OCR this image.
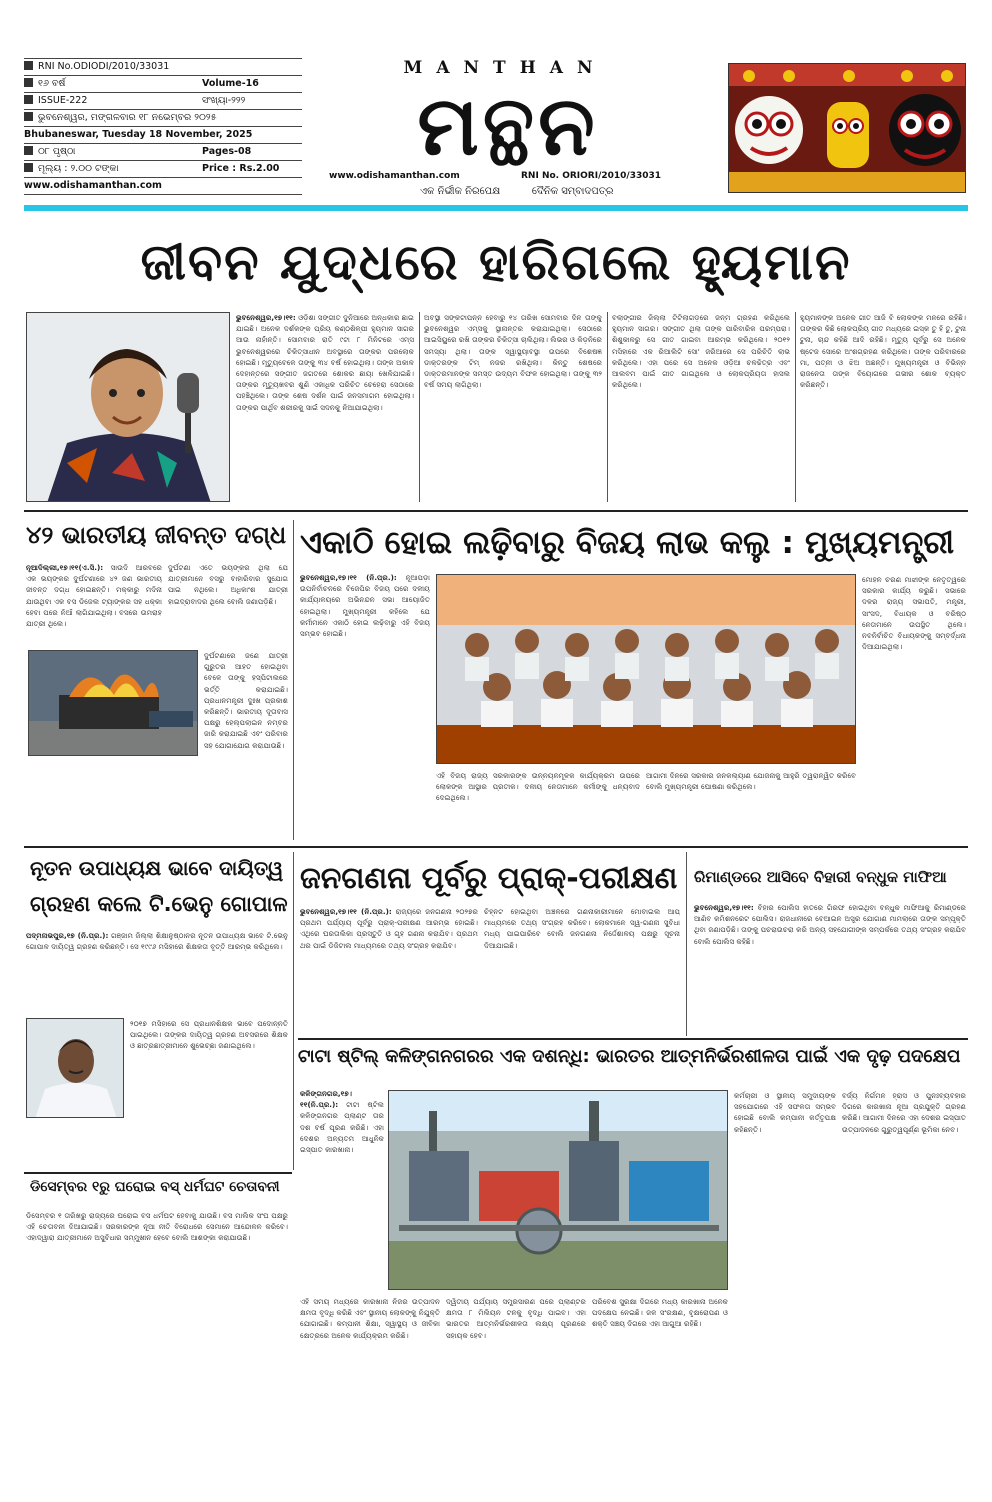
RNI No.ODIODI/2010/33031
୧୬ ବର୍ଷ	Volume-16
ISSUE-222	ସଂଖ୍ୟା-୨୨୨
ଭୁବନେଶ୍ୱର, ମଙ୍ଗଳବାର ୧୮ ନଭେମ୍ବର ୨୦୨୫
Bhubaneswar, Tuesday 18 November, 2025
୦୮ ପୃଷ୍ଠା	Pages-08
ମୂଲ୍ୟ : ୨.୦୦ ଟଙ୍କା	Price : Rs.2.00
www.odishamanthan.com
MANTHAN
ମନ୍ଥନ
www.odishamanthan.com	RNI No. ORIORI/2010/33031
ଏକ ନିର୍ଭୀକ ନିରପେକ୍ଷ          ଦୈନିକ ସମ୍ବାଦପତ୍ର
ଜୀବନ ଯୁଦ୍ଧରେ ହାରିଗଲେ ହ୍ୟୁମାନ
ଭୁବନେଶ୍ୱର,୧୭।୧୧: ଓଡ଼ିଶା ସଙ୍ଗୀତ ଦୁନିଆରେ ଅନ୍ଧକାର ଛାଇ ଯାଇଛି। ଅନେକ ଦର୍ଶକଙ୍କ ପ୍ରିୟ କଣ୍ଠଶିଳ୍ପୀ ହ୍ୟୁମାନ ସାଗର ଆଉ ନାହାଁନ୍ତି। ସୋମବାର ରାତି ୯ଟା ୮ ମିନିଟରେ ଏମ୍ସ ଭୁବନେଶ୍ୱରରେ ଚିକିତ୍ସାଧୀନ ଅବସ୍ଥାରେ ତାଙ୍କର ପରଲୋକ ହୋଇଛି। ମୃତ୍ୟୁବେଳେ ତାଙ୍କୁ ୩୪ ବର୍ଷ ହୋଇଥିଲା। ତାଙ୍କ ଅକାଳ ଦେହାନ୍ତରେ ସଙ୍ଗୀତ ଜଗତରେ ଶୋକର ଛାୟା ଖେଳିଯାଇଛି। ତାଙ୍କର ମୃତ୍ୟୁଖବର ଶୁଣି ଏକାଧିକ ପରିଚିତ ଚେହେରା ସେଠାରେ ପହଞ୍ଚିଥିଲେ। ତାଙ୍କ ଶେଷ ଦର୍ଶନ ପାଇଁ ଜନସମାଗମ ହୋଇଥିଲା। ତାଙ୍କର ପାର୍ଥିବ ଶରୀରକୁ ସାଇଁ ସଦନକୁ ନିଆଯାଇଥିଲା।
ଅବସ୍ଥା ସଙ୍କଟାପନ୍ନ ହେବାରୁ ୧୪ ତାରିଖ ସୋମବାର ଦିନ ତାଙ୍କୁ ଭୁବନେଶ୍ୱର ଏମ୍ସକୁ ସ୍ଥାନାନ୍ତର କରାଯାଇଥିଲା। ସେଠାରେ ଆଇସିୟୁରେ ରଖି ତାଙ୍କର ଚିକିତ୍ସା ଚାଲିଥିଲା। ଲିଭର ଓ କିଡ଼ନିରେ ସମସ୍ୟା ଥିଲା। ତାଙ୍କ ସ୍ୱାସ୍ଥ୍ୟାବସ୍ଥା ଉପରେ ବିଶେଷଜ୍ଞ ଡାକ୍ତରଙ୍କ ଟିମ୍ ନଜର ରଖିଥିଲା। କିନ୍ତୁ ଶେଷରେ ଡାକ୍ତରମାନଙ୍କ ସମସ୍ତ ଉଦ୍ୟମ ବିଫଳ ହୋଇଥିଲା। ତାଙ୍କୁ ୩୨ ବର୍ଷ ସମୟ ଲାଗିଥିଲା।
ବଲାଙ୍ଗୀର ଜିଲ୍ଲା ଟିଟିଲାଗଡ଼ରେ ଜନ୍ମ ଗ୍ରହଣ କରିଥିଲେ ହ୍ୟୁମାନ ସାଗର। ସଙ୍ଗୀତ ଥିଲା ତାଙ୍କ ପାରିବାରିକ ପରମ୍ପରା। ଶିଶୁକାଳରୁ ସେ ଗୀତ ଗାଇବା ଆରମ୍ଭ କରିଥିଲେ। ୨୦୧୨ ମସିହାରେ ଏକ ରିଆଲିଟି ସୋ' ଜରିଆରେ ସେ ପରିଚିତି ଲାଭ କରିଥିଲେ। ଏହା ପରେ ସେ ଅନେକ ଓଡ଼ିଆ ଚଳଚ୍ଚିତ୍ର ଏବଂ ଆଲବମ ପାଇଁ ଗୀତ ଗାଇଥିଲେ ଓ ଲୋକପ୍ରିୟତା ହାସଲ କରିଥିଲେ।
ହ୍ୟୁମାନଙ୍କ ଅନେକ ଗୀତ ଆଜି ବି ଲୋକଙ୍କ ମନରେ ରହିଛି। ତାଙ୍କର କିଛି ଲୋକପ୍ରିୟ ଗୀତ ମଧ୍ୟରେ ଇସ୍କ ତୁ ହି ତୁ, ଟୁନା ଟୁନା, ଚାନ୍ଦ କହିଛି ଆଦି ରହିଛି। ମୃତ୍ୟୁ ପୂର୍ବରୁ ସେ ଅନେକ ଷ୍ଟେଜ ସୋରେ ଅଂଶଗ୍ରହଣ କରିଥିଲେ। ତାଙ୍କ ପରିବାରରେ ମା, ପତ୍ନୀ ଓ ଝିଅ ଅଛନ୍ତି। ମୁଖ୍ୟମନ୍ତ୍ରୀ ଓ ବିଭିନ୍ନ ରାଜନେତା ତାଙ୍କ ବିୟୋଗରେ ଗଭୀର ଶୋକ ବ୍ୟକ୍ତ କରିଛନ୍ତି।
୪୨ ଭାରତୀୟ ଜୀବନ୍ତ ଦଗ୍ଧ
ନୂଆଦିଲ୍ଲୀ,୧୭।୧୧(ଏ.ସି.): ସାଉଦି ଆରବରେ ଏକ ଭୟଙ୍କର ଦୁର୍ଘଟଣାରେ ୪୨ ଜଣ ଭାରତୀୟ ଜୀବନ୍ତ ଦଗ୍ଧ ହୋଇଛନ୍ତି। ମକ୍କାରୁ ମଦିନା ଯାଉଥିବା ଏକ ବସ ଡିଜେଲ ଟ୍ୟାଙ୍କର ସହ ଧକ୍କା ହେବା ପରେ ନିଆଁ ଲାଗିଯାଇଥିଲା। ବସରେ ଉମରାହ ଯାତ୍ରୀ ଥିଲେ।
ଦୁର୍ଘଟଣା ଏତେ ଭୟଙ୍କର ଥିଲା ଯେ ଯାତ୍ରୀମାନେ ବସରୁ ବାହାରିବାର ସୁଯୋଗ ପାଇ ନଥିଲେ। ଅଧିକାଂଶ ଯାତ୍ରୀ ହାଇଦ୍ରାବାଦର ଥିଲେ ବୋଲି ଜଣାପଡ଼ିଛି।
ଦୁର୍ଘଟଣାରେ ଜଣେ ଯାତ୍ରୀ ଗୁରୁତର ଆହତ ହୋଇଥିବା ବେଳେ ତାଙ୍କୁ ହସ୍ପିଟାଲରେ ଭର୍ତ୍ତି କରାଯାଇଛି। ପ୍ରଧାନମନ୍ତ୍ରୀ ଦୁଃଖ ପ୍ରକାଶ କରିଛନ୍ତି। ଭାରତୀୟ ଦୂତାବାସ ପକ୍ଷରୁ ହେଲ୍ପଲାଇନ ନମ୍ବର ଜାରି କରାଯାଇଛି ଏବଂ ପରିବାର ସହ ଯୋଗାଯୋଗ କରାଯାଉଛି।
ଏକାଠି ହୋଇ ଲଢ଼ିବାରୁ ବିଜୟ ଲାଭ କଲୁ : ମୁଖ୍ୟମନ୍ତ୍ରୀ
ଭୁବନେଶ୍ୱର,୧୭।୧୧ (ନି.ପ୍ର.): ନୂଆପଡ଼ା ଉପନିର୍ବାଚନରେ ବିଜେପିର ବିଜୟ ପରେ ଦଳୀୟ କାର୍ଯ୍ୟାଳୟରେ ଅଭିନନ୍ଦନ ସଭା ଆୟୋଜିତ ହୋଇଥିଲା। ମୁଖ୍ୟମନ୍ତ୍ରୀ କହିଲେ ଯେ କର୍ମୀମାନେ ଏକାଠି ହୋଇ ଲଢ଼ିବାରୁ ଏହି ବିଜୟ ସମ୍ଭବ ହୋଇଛି।
ଏହି ବିଜୟ ରାଜ୍ୟ ସରକାରଙ୍କ ଉନ୍ନୟନମୂଳକ କାର୍ଯ୍ୟକ୍ରମ ଉପରେ ଲୋକଙ୍କ ଆସ୍ଥାର ପ୍ରତୀକ। ଦଳୀୟ ନେତାମାନେ କର୍ମୀଙ୍କୁ ଧନ୍ୟବାଦ ଦେଇଥିଲେ।
ଆଗାମୀ ଦିନରେ ସରକାର ଜନକଲ୍ୟାଣ ଯୋଜନାକୁ ଆହୁରି ତ୍ୱରାନ୍ୱିତ କରିବେ ବୋଲି ମୁଖ୍ୟମନ୍ତ୍ରୀ ଘୋଷଣା କରିଥିଲେ।
ମୋହନ ଚରଣ ମାଝୀଙ୍କ ନେତୃତ୍ୱରେ ସରକାର କାର୍ଯ୍ୟ କରୁଛି। ସଭାରେ ଦଳର ରାଜ୍ୟ ସଭାପତି, ମନ୍ତ୍ରୀ, ସାଂସଦ, ବିଧାୟକ ଓ ବରିଷ୍ଠ ନେତାମାନେ ଉପସ୍ଥିତ ଥିଲେ। ନବନିର୍ବାଚିତ ବିଧାୟକଙ୍କୁ ସମ୍ବର୍ଦ୍ଧନା ଦିଆଯାଇଥିଲା।
ନୂତନ ଉପାଧ୍ୟକ୍ଷ ଭାବେ ଦାୟିତ୍ୱ
ଗ୍ରହଣ କଲେ ଟି.ଭେନୁ ଗୋପାଳ
ପଦ୍ମନାଭପୁର,୧୭ (ନି.ପ୍ର.): ଗଞ୍ଜାମ ଜିଲ୍ଲା ଶିକ୍ଷାନୁଷ୍ଠାନର ନୂତନ ଉପାଧ୍ୟକ୍ଷ ଭାବେ ଟି.ଭେନୁ ଗୋପାଳ ଦାୟିତ୍ୱ ଗ୍ରହଣ କରିଛନ୍ତି। ସେ ୧୯୯୬ ମସିହାରେ ଶିକ୍ଷକତା ବୃତ୍ତି ଆରମ୍ଭ କରିଥିଲେ।
୨୦୧୭ ମସିହାରେ ସେ ପ୍ରଧାନଶିକ୍ଷକ ଭାବେ ପଦୋନ୍ନତି ପାଇଥିଲେ। ତାଙ୍କର ଦାୟିତ୍ୱ ଗ୍ରହଣ ଅବସରରେ ଶିକ୍ଷକ ଓ ଛାତ୍ରଛାତ୍ରୀମାନେ ଶୁଭେଚ୍ଛା ଜଣାଇଥିଲେ।
ଜନଗଣନା ପୂର୍ବରୁ ପ୍ରାକ୍-ପରୀକ୍ଷଣ
ଭୁବନେଶ୍ୱର,୧୭।୧୧ (ନି.ପ୍ର.): ରାଜ୍ୟରେ ଜନଗଣନା ୨୦୨୭ର ପ୍ରଥମ ପର୍ଯ୍ୟାୟ ପୂର୍ବରୁ ପ୍ରାକ୍-ପରୀକ୍ଷଣ ଆରମ୍ଭ ହୋଇଛି। ଏଥିରେ ଘରତାଲିକା ପ୍ରସ୍ତୁତି ଓ ଗୃହ ଗଣନା କରାଯିବ। ପ୍ରଥମ ଥର ପାଇଁ ଡିଜିଟାଲ ମାଧ୍ୟମରେ ତଥ୍ୟ ସଂଗ୍ରହ କରାଯିବ।
ଚିହ୍ନଟ ହୋଇଥିବା ଅଞ୍ଚଳରେ ଗଣନାକାରୀମାନେ ମୋବାଇଲ ଆପ୍ ମାଧ୍ୟମରେ ତଥ୍ୟ ସଂଗ୍ରହ କରିବେ। ଲୋକମାନେ ସ୍ୱ-ଗଣନା ସୁବିଧା ମଧ୍ୟ ପାଇପାରିବେ ବୋଲି ଜନଗଣନା ନିର୍ଦ୍ଦେଶାଳୟ ପକ୍ଷରୁ ସୂଚନା ଦିଆଯାଇଛି।
ରିମାଣ୍ଡରେ ଆସିବେ ବିହାରୀ ବନ୍ଧୁକ ମାଫିଆ
ଭୁବନେଶ୍ୱର,୧୭।୧୧: ବିହାର ପୋଲିସ ହାତରେ ଗିରଫ ହୋଇଥିବା ବନ୍ଧୁକ ମାଫିଆକୁ ରିମାଣ୍ଡରେ ଆଣିବ କମିଶନରେଟ ପୋଲିସ। ରାଜଧାନୀରେ ବେଆଇନ ଅସ୍ତ୍ର ଯୋଗାଣ ମାମଲାରେ ତାଙ୍କ ସମ୍ପୃକ୍ତି ଥିବା ଜଣାପଡ଼ିଛି। ତାଙ୍କୁ ପଚରାଉଚରା କରି ଅନ୍ୟ ସହଯୋଗୀଙ୍କ ସମ୍ପର୍କରେ ତଥ୍ୟ ସଂଗ୍ରହ କରାଯିବ ବୋଲି ପୋଲିସ କହିଛି।
ଟାଟା ଷ୍ଟିଲ୍ କଳିଙ୍ଗନଗରର ଏକ ଦଶନ୍ଧି: ଭାରତର ଆତ୍ମନିର୍ଭରଶୀଳତା ପାଇଁ ଏକ ଦୃଢ଼ ପଦକ୍ଷେପ
କଳିଙ୍ଗନଗର,୧୭।୧୧(ନି.ପ୍ର.): ଟାଟା ଷ୍ଟିଲ କଳିଙ୍ଗନଗର ପ୍ଲାଣ୍ଟ ତାର ଦଶ ବର୍ଷ ପୂରଣ କରିଛି। ଏହା ଦେଶର ଅନ୍ୟତମ ଆଧୁନିକ ଇସ୍ପାତ କାରଖାନା।
ଏହି ସମୟ ମଧ୍ୟରେ କାରଖାନା ନିଜର ଉତ୍ପାଦନ କ୍ଷମତା ବୃଦ୍ଧି କରିଛି ଏବଂ ସ୍ଥାନୀୟ ଲୋକଙ୍କୁ ନିଯୁକ୍ତି ଯୋଗାଇଛି। କମ୍ପାନୀ ଶିକ୍ଷା, ସ୍ୱାସ୍ଥ୍ୟ ଓ ଜୀବିକା କ୍ଷେତ୍ରରେ ଅନେକ କାର୍ଯ୍ୟକ୍ରମ କରିଛି।
ଦ୍ୱିତୀୟ ପର୍ଯ୍ୟାୟ ସମ୍ପ୍ରସାରଣ ପରେ ପ୍ଲାଣ୍ଟର କ୍ଷମତା ୮ ମିଲିୟନ ଟନକୁ ବୃଦ୍ଧି ପାଇବ। ଏହା ଭାରତର ଆତ୍ମନିର୍ଭରଶୀଳତା ଲକ୍ଷ୍ୟ ପୂରଣରେ ସହାୟକ ହେବ।
ପରିବେଶ ସୁରକ୍ଷା ଦିଗରେ ମଧ୍ୟ କାରଖାନା ଅନେକ ପଦକ୍ଷେପ ନେଇଛି। ଜଳ ସଂରକ୍ଷଣ, ବୃକ୍ଷରୋପଣ ଓ ଶକ୍ତି ସଞ୍ଚୟ ଦିଗରେ ଏହା ଆଗୁଆ ରହିଛି।
କର୍ମଚାରୀ ଓ ସ୍ଥାନୀୟ ସମୁଦାୟଙ୍କ ସହଯୋଗରେ ଏହି ସଫଳତା ସମ୍ଭବ ହୋଇଛି ବୋଲି କମ୍ପାନୀ କର୍ତ୍ତୃପକ୍ଷ କହିଛନ୍ତି।
ବର୍ଜ୍ୟ ନିର୍ଗମନ ହ୍ରାସ ଓ ପୁନଃବ୍ୟବହାର ଦିଗରେ କାରଖାନା ନୂଆ ପ୍ରଯୁକ୍ତି ଗ୍ରହଣ କରିଛି। ଆଗାମୀ ଦିନରେ ଏହା ଦେଶର ଇସ୍ପାତ ଉତ୍ପାଦନରେ ଗୁରୁତ୍ୱପୂର୍ଣ୍ଣ ଭୂମିକା ନେବ।
ଡିସେମ୍ବର ୧ରୁ ଘରୋଇ ବସ୍ ଧର୍ମଘଟ ଚେତାବନୀ
ଡିସେମ୍ବର ୧ ତାରିଖରୁ ରାଜ୍ୟରେ ଘରୋଇ ବସ ଧର୍ମଘଟ ହେବାକୁ ଯାଉଛି। ବସ ମାଲିକ ସଂଘ ପକ୍ଷରୁ ଏହି ଚେତାବନୀ ଦିଆଯାଇଛି। ସରକାରଙ୍କ ନୂଆ ନୀତି ବିରୋଧରେ ସେମାନେ ଆନ୍ଦୋଳନ କରିବେ। ଏହାଦ୍ୱାରା ଯାତ୍ରୀମାନେ ଅସୁବିଧାର ସମ୍ମୁଖୀନ ହେବେ ବୋଲି ଆଶଙ୍କା କରାଯାଉଛି।
